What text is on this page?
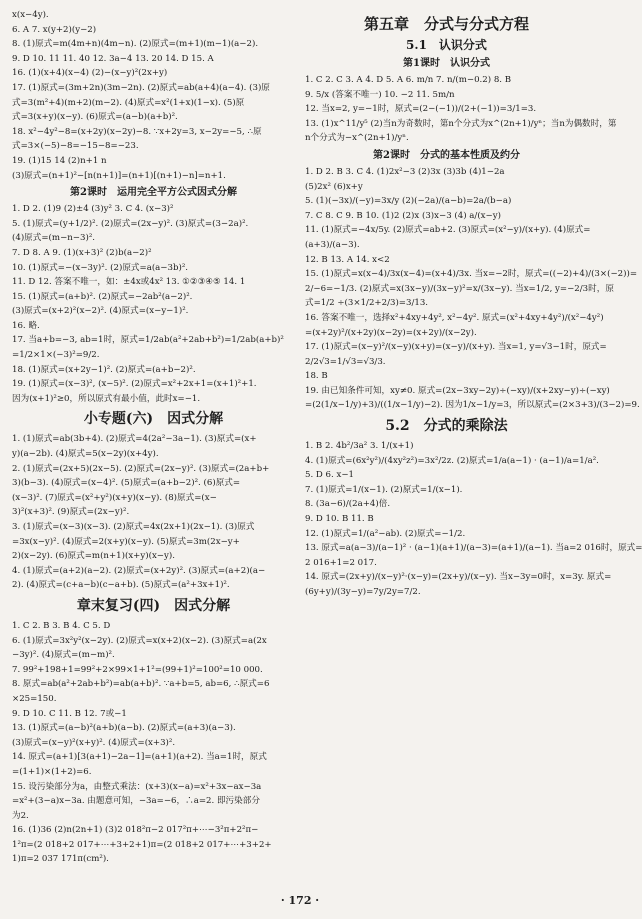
x(x−4y).
6. A 7. x(y+2)(y−2)
8. (1)原式=m(4m+n)(4m−n). (2)原式=(m+1)(m−1)(a−2).
9. D 10. 11 11. 40 12. 3a−4 13. 20 14. D 15. A
16. (1)(x+4)(x−4) (2)−(x−y)²(2x+y)
17. (1)原式=(3m+2n)(3m−2n). (2)原式=ab(a+4)(a−4). (3)原
式=3(m²+4)(m+2)(m−2). (4)原式=x²(1+x)(1−x). (5)原
式=3(x+y)(x−y). (6)原式=(a−b)(a+b)².
18. x²−4y²−8=(x+2y)(x−2y)−8. ∵x+2y=3, x−2y=−5, ∴原
式=3×(−5)−8=−15−8=−23.
19. (1)15 14 (2)n+1 n
(3)原式=(n+1)²−[n(n+1)]=(n+1)[(n+1)−n]=n+1.
第2课时　运用完全平方公式因式分解
1. D 2. (1)9 (2)±4 (3)y² 3. C 4. (x−3)²
5. (1)原式=(y+1/2)². (2)原式=(2x−y)². (3)原式=(3−2a)².
(4)原式=(m−n−3)².
7. D 8. A 9. (1)(x+3)² (2)b(a−2)²
10. (1)原式=−(x−3y)². (2)原式=a(a−3b)².
11. D 12. 答案不唯一，如：±4x或4x² 13. ①②③④⑤ 14. 1
15. (1)原式=(a+b)². (2)原式=−2ab²(a−2)².
(3)原式=(x+2)²(x−2)². (4)原式=(x−y−1)².
16. 略.
17. 当a+b=−3, ab=1时，原式=1/2ab(a²+2ab+b²)=1/2ab(a+b)²
=1/2×1×(−3)²=9/2.
18. (1)原式=(x+2y−1)². (2)原式=(a+b−2)².
19. (1)原式=(x−3)², (x−5)². (2)原式=x²+2x+1=(x+1)²+1.
因为(x+1)²≥0，所以原式有最小值，此时x=−1.
小专题(六)　因式分解
1. (1)原式=ab(3b+4). (2)原式=4(2a²−3a−1). (3)原式=(x+
y)(a−2b). (4)原式=5(x−2y)(x+4y).
2. (1)原式=(2x+5)(2x−5). (2)原式=(2x−y)². (3)原式=(2a+b+
3)(b−3). (4)原式=(x−4)². (5)原式=(a+b−2)². (6)原式=
(x−3)². (7)原式=(x²+y²)(x+y)(x−y). (8)原式=(x−
3)²(x+3)². (9)原式=(2x−y)².
3. (1)原式=(x−3)(x−3). (2)原式=4x(2x+1)(2x−1). (3)原式
=3x(x−y)². (4)原式=2(x+y)(x−y). (5)原式=3m(2x−y+
2)(x−2y). (6)原式=m(n+1)(x+y)(x−y).
4. (1)原式=(a+2)(a−2). (2)原式=(x+2y)². (3)原式=(a+2)(a−
2). (4)原式=(c+a−b)(c−a+b). (5)原式=(a²+3x+1)².
章末复习(四)　因式分解
1. C 2. B 3. B 4. C 5. D
6. (1)原式=3x²y²(x−2y). (2)原式=x(x+2)(x−2). (3)原式=a(2x
−3y)². (4)原式=(m−m)².
7. 99²+198+1=99²+2×99×1+1²=(99+1)²=100²=10 000.
8. 原式=ab(a²+2ab+b²)=ab(a+b)². ∵a+b=5, ab=6, ∴原式=6
×25=150.
9. D 10. C 11. B 12. 7或−1
13. (1)原式=(a−b)²(a+b)(a−b). (2)原式=(a+3)(a−3).
(3)原式=(x−y)²(x+y)². (4)原式=(x+3)².
14. 原式=(a+1)[3(a+1)−2a−1]=(a+1)(a+2). 当a=1时，原式
=(1+1)×(1+2)=6.
15. 设污染部分为a，由整式乘法：(x+3)(x−a)=x²+3x−ax−3a
=x²+(3−a)x−3a. 由题意可知，−3a=−6，∴a=2. 即污染部分
为2.
16. (1)36 (2)n(2n+1) (3)2 018²π−2 017²π+⋯−3²π+2²π−
1²π=(2 018+2 017+⋯+3+2+1)π=(2 018+2 017+⋯+3+2+
1)π=2 037 171π(cm²).
第五章　分式与分式方程
5.1　认识分式
第1课时　认识分式
1. C 2. C 3. A 4. D 5. A 6. m/n 7. n/(m−0.2) 8. B
9. 5/x (答案不唯一) 10. −2 11. 5m/n
12. 当x=2, y=−1时，原式=(2−(−1))/(2+(−1))=3/1=3.
13. (1)x^11/y⁵ (2)当n为奇数时，第n个分式为x^(2n+1)/yⁿ；当n为偶数时，第
n个分式为−x^(2n+1)/yⁿ.
第2课时　分式的基本性质及约分
1. D 2. B 3. C 4. (1)2x²−3 (2)3x (3)3b (4)1−2a
(5)2x² (6)x+y
5. (1)(−3x)/(−y)=3x/y (2)(−2a)/(a−b)=2a/(b−a)
7. C 8. C 9. B 10. (1)2 (2)x (3)x−3 (4) a/(x−y)
11. (1)原式=−4x/5y. (2)原式=ab+2. (3)原式=(x²−y)/(x+y). (4)原式=
(a+3)/(a−3).
12. B 13. A 14. x<2
15. (1)原式=x(x−4)/3x(x−4)=(x+4)/3x. 当x=−2时，原式=((−2)+4)/(3×(−2))=
2/−6=−1/3. (2)原式=x(3x−y)/(3x−y)²=x/(3x−y). 当x=1/2, y=−2/3时，原
式=1/2 ÷(3×1/2+2/3)=3/13.
16. 答案不唯一，选择x²+4xy+4y², x²−4y². 原式=(x²+4xy+4y²)/(x²−4y²)
=(x+2y)²/(x+2y)(x−2y)=(x+2y)/(x−2y).
17. (1)原式=(x−y)²/(x−y)(x+y)=(x−y)/(x+y). 当x=1, y=√3−1时，原式=
2/2√3=1/√3=√3/3.
18. B
19. 由已知条件可知，xy≠0. 原式=(2x−3xy−2y)÷(−xy)/(x+2xy−y)÷(−xy)
=(2(1/x−1/y)+3)/((1/x−1/y)−2). 因为1/x−1/y=3，所以原式=(2×3+3)/(3−2)=9.
5.2　分式的乘除法
1. B 2. 4b²/3a² 3. 1/(x+1)
4. (1)原式=(6x²y²)/(4xy²z²)=3x²/2z. (2)原式=1/a(a−1) · (a−1)/a=1/a².
5. D 6. x−1
7. (1)原式=1/(x−1). (2)原式=1/(x−1).
8. (3a−6)/(2a+4)倍.
9. D 10. B 11. B
12. (1)原式=1/(a²−ab). (2)原式=−1/2.
13. 原式=a(a−3)/(a−1)² · (a−1)(a+1)/(a−3)=(a+1)/(a−1). 当a=2 016时，原式=
2 016+1=2 017.
14. 原式=(2x+y)/(x−y)²·(x−y)=(2x+y)/(x−y). 当x−3y=0时，x=3y. 原式=
(6y+y)/(3y−y)=7y/2y=7/2.
· 172 ·
